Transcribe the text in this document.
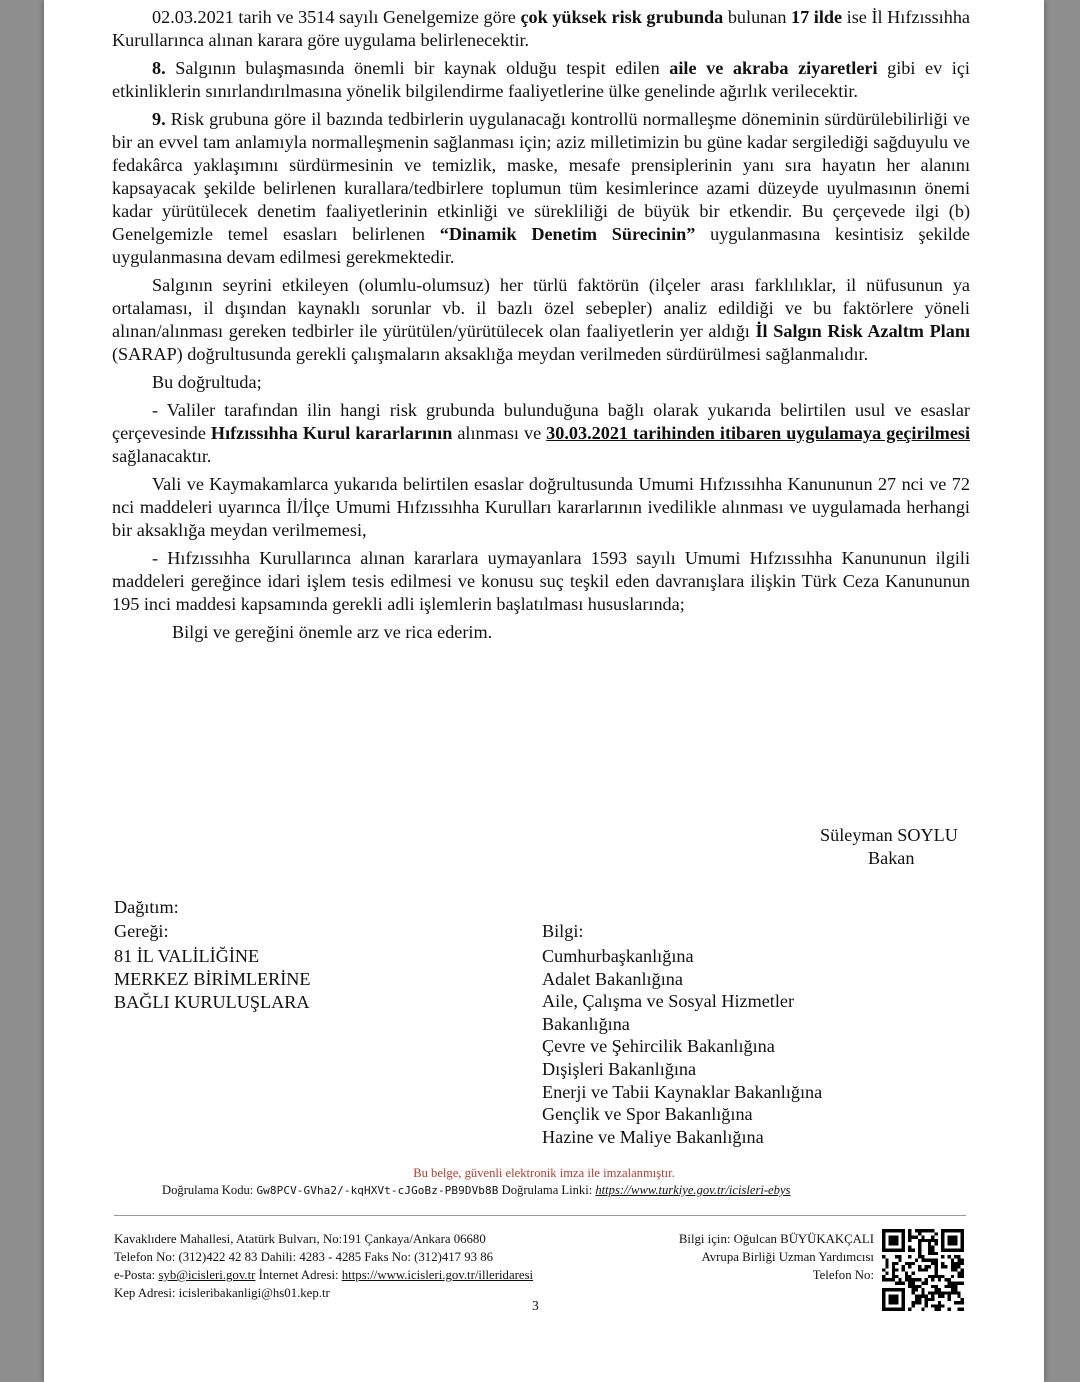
02.03.2021 tarih ve 3514 sayılı Genelgemize göre çok yüksek risk grubunda bulunan 17 ilde ise İl Hıfzıssıhha Kurullarınca alınan karara göre uygulama belirlenecektir.

8. Salgının bulaşmasında önemli bir kaynak olduğu tespit edilen aile ve akraba ziyaretleri gibi ev içi etkinliklerin sınırlandırılmasına yönelik bilgilendirme faaliyetlerine ülke genelinde ağırlık verilecektir.

9. Risk grubuna göre il bazında tedbirlerin uygulanacağı kontrollü normalleşme döneminin sürdürülebilirliği ve bir an evvel tam anlamıyla normalleşmenin sağlanması için; aziz milletimizin bu güne kadar sergilediği sağduyulu ve fedakârca yaklaşımını sürdürmesinin ve temizlik, maske, mesafe prensiplerinin yanı sıra hayatın her alanını kapsayacak şekilde belirlenen kurallara/tedbirlere toplumun tüm kesimlerince azami düzeyde uyulmasının önemi kadar yürütülecek denetim faaliyetlerinin etkinliği ve sürekliliği de büyük bir etkendir. Bu çerçevede ilgi (b) Genelgemizle temel esasları belirlenen “Dinamik Denetim Sürecinin” uygulanmasına kesintisiz şekilde uygulanmasına devam edilmesi gerekmektedir.

Salgının seyrini etkileyen (olumlu-olumsuz) her türlü faktörün (ilçeler arası farklılıklar, il nüfusunun ya ortalaması, il dışından kaynaklı sorunlar vb. il bazlı özel sebepler) analiz edildiği ve bu faktörlere yöneli alınan/alınması gereken tedbirler ile yürütülen/yürütülecek olan faaliyetlerin yer aldığı İl Salgın Risk Azaltm Planı (SARAP) doğrultusunda gerekli çalışmaların aksaklığa meydan verilmeden sürdürülmesi sağlanmalıdır.

Bu doğrultuda;

- Valiler tarafından ilin hangi risk grubunda bulunduğuna bağlı olarak yukarıda belirtilen usul ve esaslar çerçevesinde Hıfzıssıhha Kurul kararlarının alınması ve 30.03.2021 tarihinden itibaren uygulamaya geçirilmesi sağlanacaktır.

Vali ve Kaymakamlarca yukarıda belirtilen esaslar doğrultusunda Umumi Hıfzıssıhha Kanununun 27 nci ve 72 nci maddeleri uyarınca İl/İlçe Umumi Hıfzıssıhha Kurulları kararlarının ivedilikle alınması ve uygulamada herhangi bir aksaklığa meydan verilmemesi,

- Hıfzıssıhha Kurullarınca alınan kararlara uymayanlara 1593 sayılı Umumi Hıfzıssıhha Kanununun ilgili maddeleri gereğince idari işlem tesis edilmesi ve konusu suç teşkil eden davranışlara ilişkin Türk Ceza Kanununun 195 inci maddesi kapsamında gerekli adli işlemlerin başlatılması hususlarında;

Bilgi ve gereğini önemle arz ve rica ederim.

Süleyman SOYLU
Bakan
Dağıtım:
Gereği:
81 İL VALİLİĞİNE
MERKEZ BİRİMLERİNE
BAĞLI KURULUŞLARA
Bilgi:
Cumhurbaşkanlığına
Adalet Bakanlığına
Aile, Çalışma ve Sosyal Hizmetler
Bakanlığına
Çevre ve Şehircilik Bakanlığına
Dışişleri Bakanlığına
Enerji ve Tabii Kaynaklar Bakanlığına
Gençlik ve Spor Bakanlığına
Hazine ve Maliye Bakanlığına
Bu belge, güvenli elektronik imza ile imzalanmıştır.
Doğrulama Kodu: Gw8PCV-GVha2/-kqHXVt-cJGoBz-PB9DVb8B Doğrulama Linki: https://www.turkiye.gov.tr/icisleri-ebys
Kavaklıdere Mahallesi, Atatürk Bulvarı, No:191 Çankaya/Ankara 06680
Telefon No: (312)422 42 83 Dahili: 4283 - 4285 Faks No: (312)417 93 86
e-Posta: syb@icisleri.gov.tr İnternet Adresi: https://www.icisleri.gov.tr/illeridaresi
Kep Adresi: icisleribakanligi@hs01.kep.tr
Bilgi için: Oğulcan BÜYÜKAKÇALI
Avrupa Birliği Uzman Yardımcısı
Telefon No:
3
